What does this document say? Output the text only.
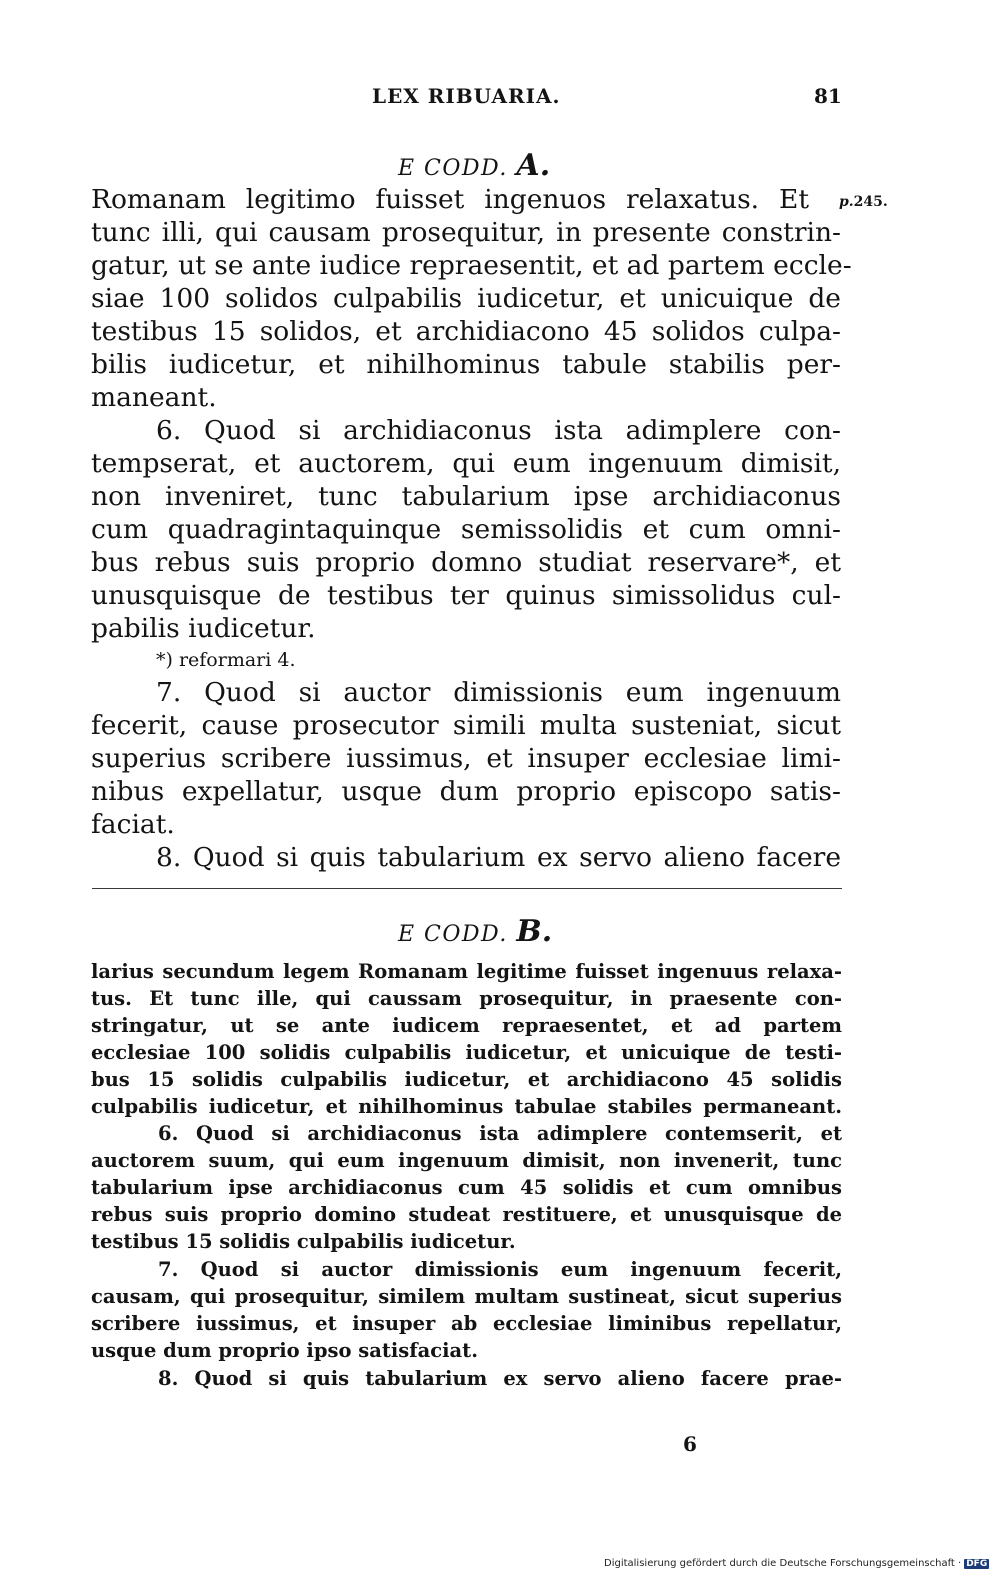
LEX RIBUARIA.	81
E CODD. A.
Romanam legitimo fuisset ingenuos relaxatus. Et p.245.
tunc illi, qui causam prosequitur, in presente constrin-
gatur, ut se ante iudice repraesentit, et ad partem eccle-
siae 100 solidos culpabilis iudicetur, et unicuique de
testibus 15 solidos, et archidiacono 45 solidos culpa-
bilis iudicetur, et nihilhominus tabule stabilis per-
maneant.
6. Quod si archidiaconus ista adimplere con-
tempserat, et auctorem, qui eum ingenuum dimisit,
non inveniret, tunc tabularium ipse archidiaconus
cum quadragintaquinque semissolidis et cum omni-
bus rebus suis proprio domno studiat reservare*, et
unusquisque de testibus ter quinus simissolidus cul-
pabilis iudicetur.
*) reformari 4.
7. Quod si auctor dimissionis eum ingenuum
fecerit, cause prosecutor simili multa susteniat, sicut
superius scribere iussimus, et insuper ecclesiae limi-
nibus expellatur, usque dum proprio episcopo satis-
faciat.
8. Quod si quis tabularium ex servo alieno facere
E CODD. B.
larius secundum legem Romanam legitime fuisset ingenuus relaxa-
tus. Et tunc ille, qui caussam prosequitur, in praesente con-
stringatur, ut se ante iudicem repraesentet, et ad partem
ecclesiae 100 solidis culpabilis iudicetur, et unicuique de testi-
bus 15 solidis culpabilis iudicetur, et archidiacono 45 solidis
culpabilis iudicetur, et nihilhominus tabulae stabiles permaneant.
6. Quod si archidiaconus ista adimplere contemserit, et
auctorem suum, qui eum ingenuum dimisit, non invenerit, tunc
tabularium ipse archidiaconus cum 45 solidis et cum omnibus
rebus suis proprio domino studeat restituere, et unusquisque de
testibus 15 solidis culpabilis iudicetur.
7. Quod si auctor dimissionis eum ingenuum fecerit,
causam, qui prosequitur, similem multam sustineat, sicut superius
scribere iussimus, et insuper ab ecclesiae liminibus repellatur,
usque dum proprio ipso satisfaciat.
8. Quod si quis tabularium ex servo alieno facere prae-
6
Digitalisierung gefördert durch die Deutsche Forschungsgemeinschaft · DFG
